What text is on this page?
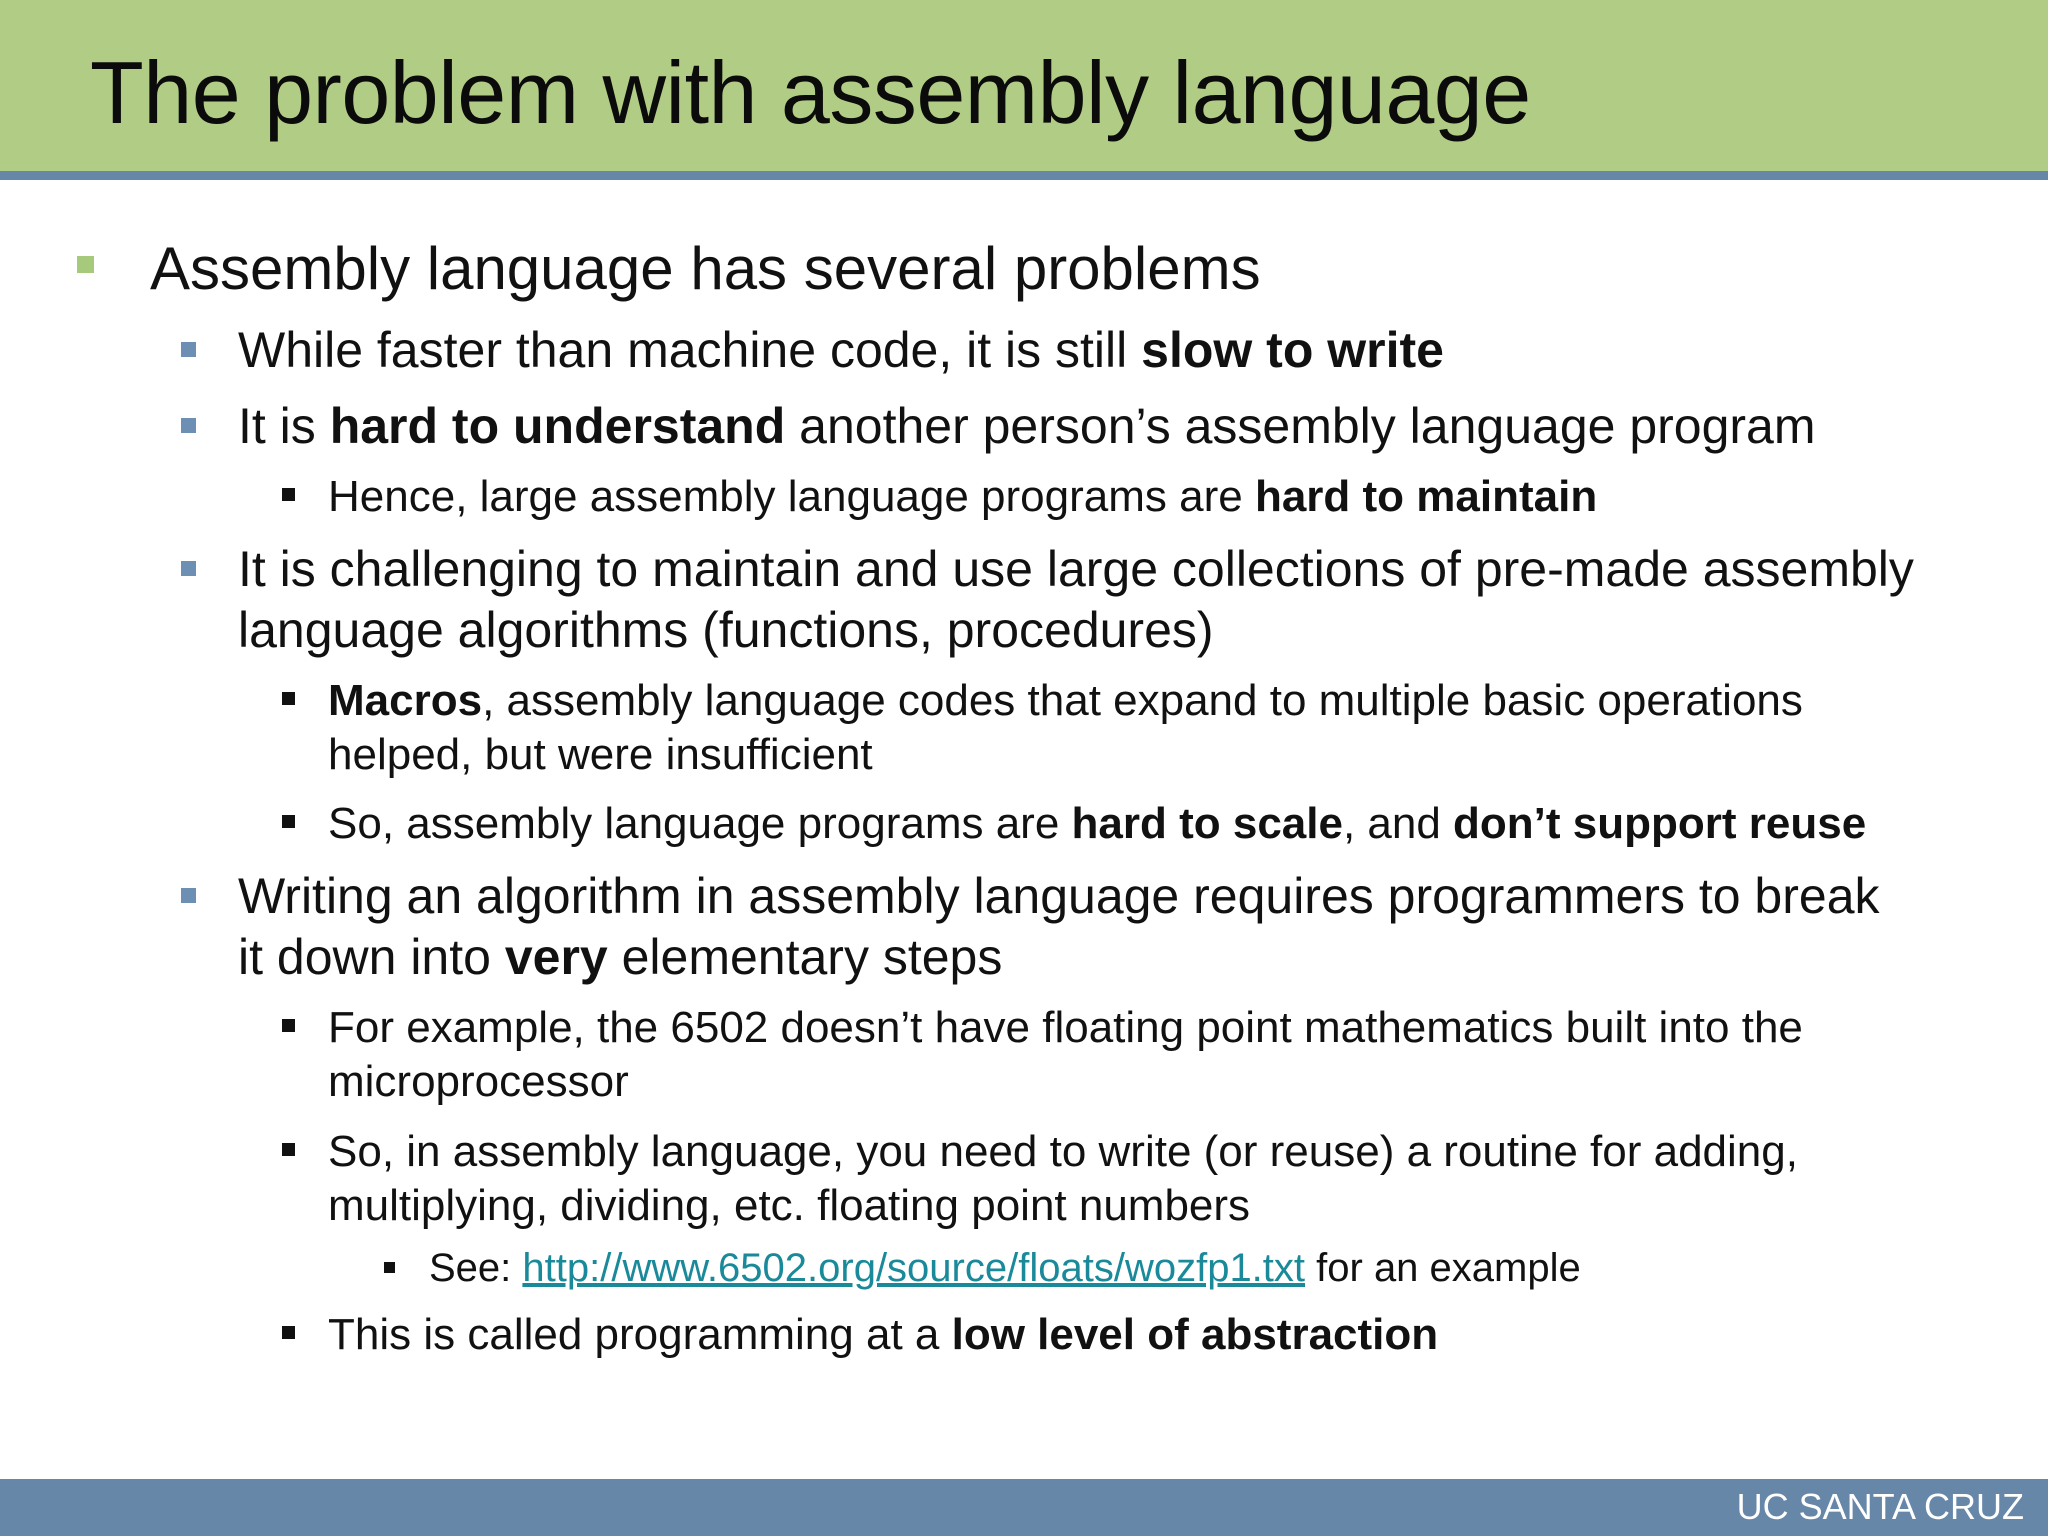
The problem with assembly language
Assembly language has several problems
While faster than machine code, it is still slow to write
It is hard to understand another person’s assembly language program
Hence, large assembly language programs are hard to maintain
It is challenging to maintain and use large collections of pre-made assembly
language algorithms (functions, procedures)
Macros, assembly language codes that expand to multiple basic operations
helped, but were insufficient
So, assembly language programs are hard to scale, and don’t support reuse
Writing an algorithm in assembly language requires programmers to break
it down into very elementary steps
For example, the 6502 doesn’t have floating point mathematics built into the
microprocessor
So, in assembly language, you need to write (or reuse) a routine for adding,
multiplying, dividing, etc. floating point numbers
See: http://www.6502.org/source/floats/wozfp1.txt for an example
This is called programming at a low level of abstraction
UC SANTA CRUZ
